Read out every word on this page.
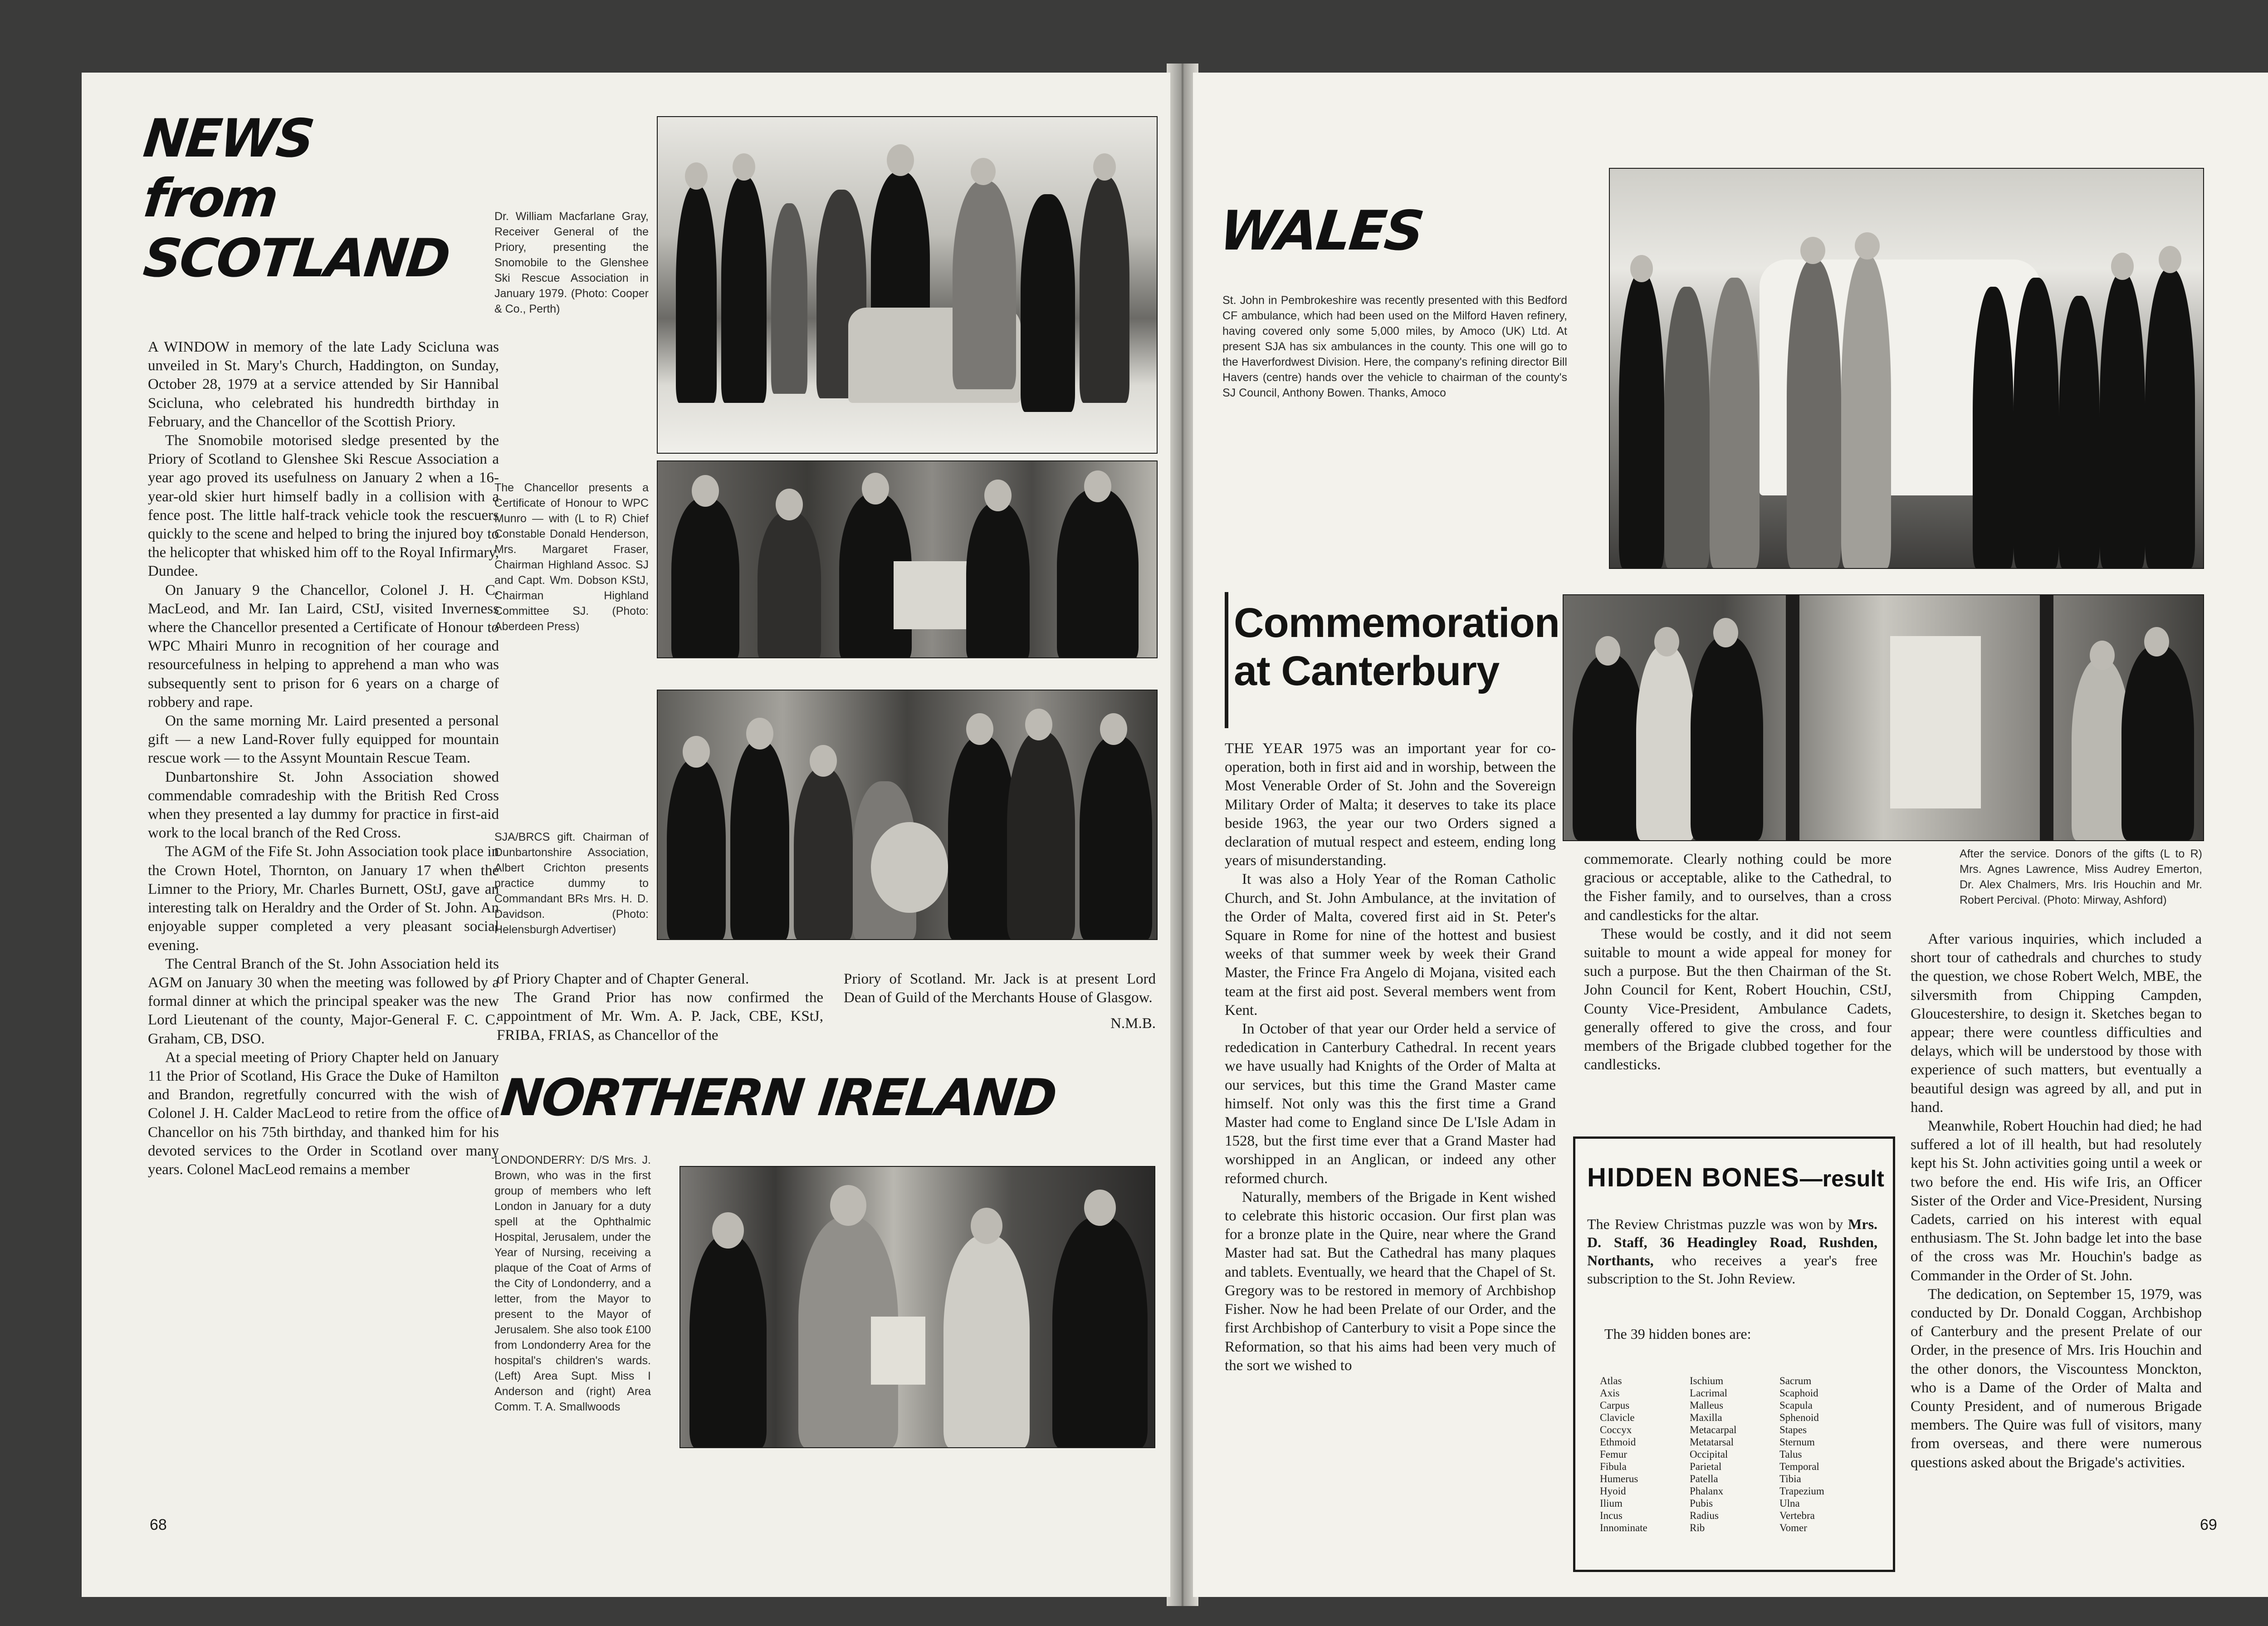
NEWS
from
SCOTLAND

A WINDOW in memory of the late Lady Scicluna was unveiled in St. Mary's Church, Haddington, on Sunday, October 28, 1979 at a service attended by Sir Hannibal Scicluna, who celebrated his hundredth birthday in February, and the Chancellor of the Scottish Priory.

The Snomobile motorised sledge presented by the Priory of Scotland to Glenshee Ski Rescue Association a year ago proved its usefulness on January 2 when a 16-year-old skier hurt himself badly in a collision with a fence post. The little half-track vehicle took the rescuers quickly to the scene and helped to bring the injured boy to the helicopter that whisked him off to the Royal Infirmary, Dundee.

On January 9 the Chancellor, Colonel J. H. C. MacLeod, and Mr. Ian Laird, CStJ, visited Inverness where the Chancellor presented a Certificate of Honour to WPC Mhairi Munro in recognition of her courage and resourcefulness in helping to apprehend a man who was subsequently sent to prison for 6 years on a charge of robbery and rape.

On the same morning Mr. Laird presented a personal gift — a new Land-Rover fully equipped for mountain rescue work — to the Assynt Mountain Rescue Team.

Dunbartonshire St. John Association showed commendable comradeship with the British Red Cross when they presented a lay dummy for practice in first-aid work to the local branch of the Red Cross.

The AGM of the Fife St. John Association took place in the Crown Hotel, Thornton, on January 17 when the Limner to the Priory, Mr. Charles Burnett, OStJ, gave an interesting talk on Heraldry and the Order of St. John. An enjoyable supper completed a very pleasant social evening.

The Central Branch of the St. John Association held its AGM on January 30 when the meeting was followed by a formal dinner at which the principal speaker was the new Lord Lieutenant of the county, Major-General F. C. C. Graham, CB, DSO.

At a special meeting of Priory Chapter held on January 11 the Prior of Scotland, His Grace the Duke of Hamilton and Brandon, regretfully concurred with the wish of Colonel J. H. Calder MacLeod to retire from the office of Chancellor on his 75th birthday, and thanked him for his devoted services to the Order in Scotland over many years. Colonel MacLeod remains a member

Dr. William Macfarlane Gray, Receiver General of the Priory, presenting the Snomobile to the Glenshee Ski Rescue Association in January 1979. (Photo: Cooper & Co., Perth)

The Chancellor presents a Certificate of Honour to WPC Munro — with (L to R) Chief Constable Donald Henderson, Mrs. Margaret Fraser, Chairman Highland Assoc. SJ and Capt. Wm. Dobson KStJ, Chairman Highland Committee SJ. (Photo: Aberdeen Press)

SJA/BRCS gift. Chairman of Dunbartonshire Association, Albert Crichton presents practice dummy to Commandant BRs Mrs. H. D. Davidson. (Photo: Helensburgh Advertiser)

of Priory Chapter and of Chapter General.

The Grand Prior has now confirmed the appointment of Mr. Wm. A. P. Jack, CBE, KStJ, FRIBA, FRIAS, as Chancellor of the

Priory of Scotland. Mr. Jack is at present Lord Dean of Guild of the Merchants House of Glasgow.

N.M.B.

NORTHERN IRELAND

LONDONDERRY: D/S Mrs. J. Brown, who was in the first group of members who left London in January for a duty spell at the Ophthalmic Hospital, Jerusalem, under the Year of Nursing, receiving a plaque of the Coat of Arms of the City of Londonderry, and a letter, from the Mayor to present to the Mayor of Jerusalem. She also took £100 from Londonderry Area for the hospital's children's wards. (Left) Area Supt. Miss I Anderson and (right) Area Comm. T. A. Smallwoods

68
WALES

St. John in Pembrokeshire was recently presented with this Bedford CF ambulance, which had been used on the Milford Haven refinery, having covered only some 5,000 miles, by Amoco (UK) Ltd. At present SJA has six ambulances in the county. This one will go to the Haverfordwest Division. Here, the company's refining director Bill Havers (centre) hands over the vehicle to chairman of the county's SJ Council, Anthony Bowen. Thanks, Amoco

Commemoration
at Canterbury

THE YEAR 1975 was an important year for co-operation, both in first aid and in worship, between the Most Venerable Order of St. John and the Sovereign Military Order of Malta; it deserves to take its place beside 1963, the year our two Orders signed a declaration of mutual respect and esteem, ending long years of misunderstanding.

It was also a Holy Year of the Roman Catholic Church, and St. John Ambulance, at the invitation of the Order of Malta, covered first aid in St. Peter's Square in Rome for nine of the hottest and busiest weeks of that summer week by week their Grand Master, the Frince Fra Angelo di Mojana, visited each team at the first aid post. Several members went from Kent.

In October of that year our Order held a service of rededication in Canterbury Cathedral. In recent years we have usually had Knights of the Order of Malta at our services, but this time the Grand Master came himself. Not only was this the first time a Grand Master had come to England since De L'Isle Adam in 1528, but the first time ever that a Grand Master had worshipped in an Anglican, or indeed any other reformed church.

Naturally, members of the Brigade in Kent wished to celebrate this historic occasion. Our first plan was for a bronze plate in the Quire, near where the Grand Master had sat. But the Cathedral has many plaques and tablets. Eventually, we heard that the Chapel of St. Gregory was to be restored in memory of Archbishop Fisher. Now he had been Prelate of our Order, and the first Archbishop of Canterbury to visit a Pope since the Reformation, so that his aims had been very much of the sort we wished to

commemorate. Clearly nothing could be more gracious or acceptable, alike to the Cathedral, to the Fisher family, and to ourselves, than a cross and candlesticks for the altar.

These would be costly, and it did not seem suitable to mount a wide appeal for money for such a purpose. But the then Chairman of the St. John Council for Kent, Robert Houchin, CStJ, County Vice-President, Ambulance Cadets, generally offered to give the cross, and four members of the Brigade clubbed together for the candlesticks.

After the service. Donors of the gifts (L to R) Mrs. Agnes Lawrence, Miss Audrey Emerton, Dr. Alex Chalmers, Mrs. Iris Houchin and Mr. Robert Percival. (Photo: Mirway, Ashford)

After various inquiries, which included a short tour of cathedrals and churches to study the question, we chose Robert Welch, MBE, the silversmith from Chipping Campden, Gloucestershire, to design it. Sketches began to appear; there were countless difficulties and delays, which will be understood by those with experience of such matters, but eventually a beautiful design was agreed by all, and put in hand.

Meanwhile, Robert Houchin had died; he had suffered a lot of ill health, but had resolutely kept his St. John activities going until a week or two before the end. His wife Iris, an Officer Sister of the Order and Vice-President, Nursing Cadets, carried on his interest with equal enthusiasm. The St. John badge let into the base of the cross was Mr. Houchin's badge as Commander in the Order of St. John.

The dedication, on September 15, 1979, was conducted by Dr. Donald Coggan, Archbishop of Canterbury and the present Prelate of our Order, in the presence of Mrs. Iris Houchin and the other donors, the Viscountess Monckton, who is a Dame of the Order of Malta and County President, and of numerous Brigade members. The Quire was full of visitors, many from overseas, and there were numerous questions asked about the Brigade's activities.

HIDDEN BONES—result
The Review Christmas puzzle was won by Mrs. D. Staff, 36 Headingley Road, Rushden, Northants, who receives a year's free subscription to the St. John Review.
The 39 hidden bones are:
Atlas
Axis
Carpus
Clavicle
Coccyx
Ethmoid
Femur
Fibula
Humerus
Hyoid
Ilium
Incus
Innominate
Ischium
Lacrimal
Malleus
Maxilla
Metacarpal
Metatarsal
Occipital
Parietal
Patella
Phalanx
Pubis
Radius
Rib
Sacrum
Scaphoid
Scapula
Sphenoid
Stapes
Sternum
Talus
Temporal
Tibia
Trapezium
Ulna
Vertebra
Vomer	69
